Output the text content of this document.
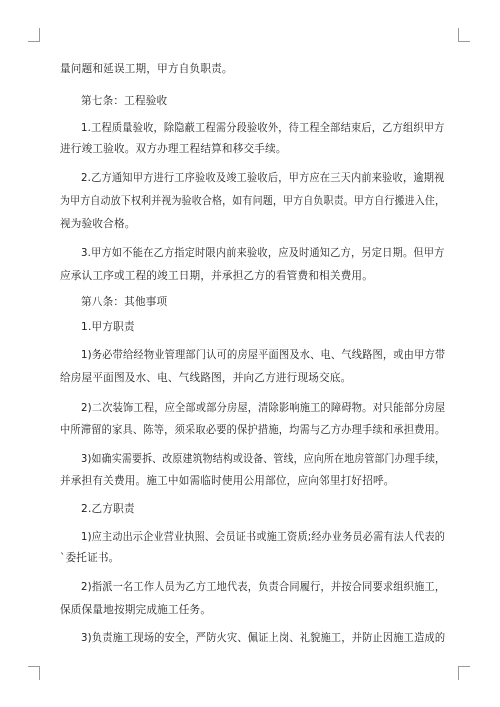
量问题和延误工期，甲方自负职责。
第七条：工程验收
1.工程质量验收，除隐蔽工程需分段验收外，待工程全部结束后，乙方组织甲方
进行竣工验收。双方办理工程结算和移交手续。
2.乙方通知甲方进行工序验收及竣工验收后，甲方应在三天内前来验收，逾期视
为甲方自动放下权利并视为验收合格，如有问题，甲方自负职责。甲方自行搬进入住，
视为验收合格。
3.甲方如不能在乙方指定时限内前来验收，应及时通知乙方，另定日期。但甲方
应承认工序或工程的竣工日期，并承担乙方的看管费和相关费用。
第八条：其他事项
1.甲方职责
1)务必带给经物业管理部门认可的房屋平面图及水、电、气线路图，或由甲方带
给房屋平面图及水、电、气线路图，并向乙方进行现场交底。
2)二次装饰工程，应全部或部分房屋，清除影响施工的障碍物。对只能部分房屋
中所滞留的家具、陈等，须采取必要的保护措施，均需与乙方办理手续和承担费用。
3)如确实需要拆、改原建筑物结构或设备、管线，应向所在地房管部门办理手续，
并承担有关费用。施工中如需临时使用公用部位，应向邻里打好招呼。
2.乙方职责
1)应主动出示企业营业执照、会员证书或施工资质;经办业务员必需有法人代表的
`委托证书。
2)指派一名工作人员为乙方工地代表，负责合同履行，并按合同要求组织施工，
保质保量地按期完成施工任务。
3)负责施工现场的安全，严防火灾、佩证上岗、礼貌施工，并防止因施工造成的
